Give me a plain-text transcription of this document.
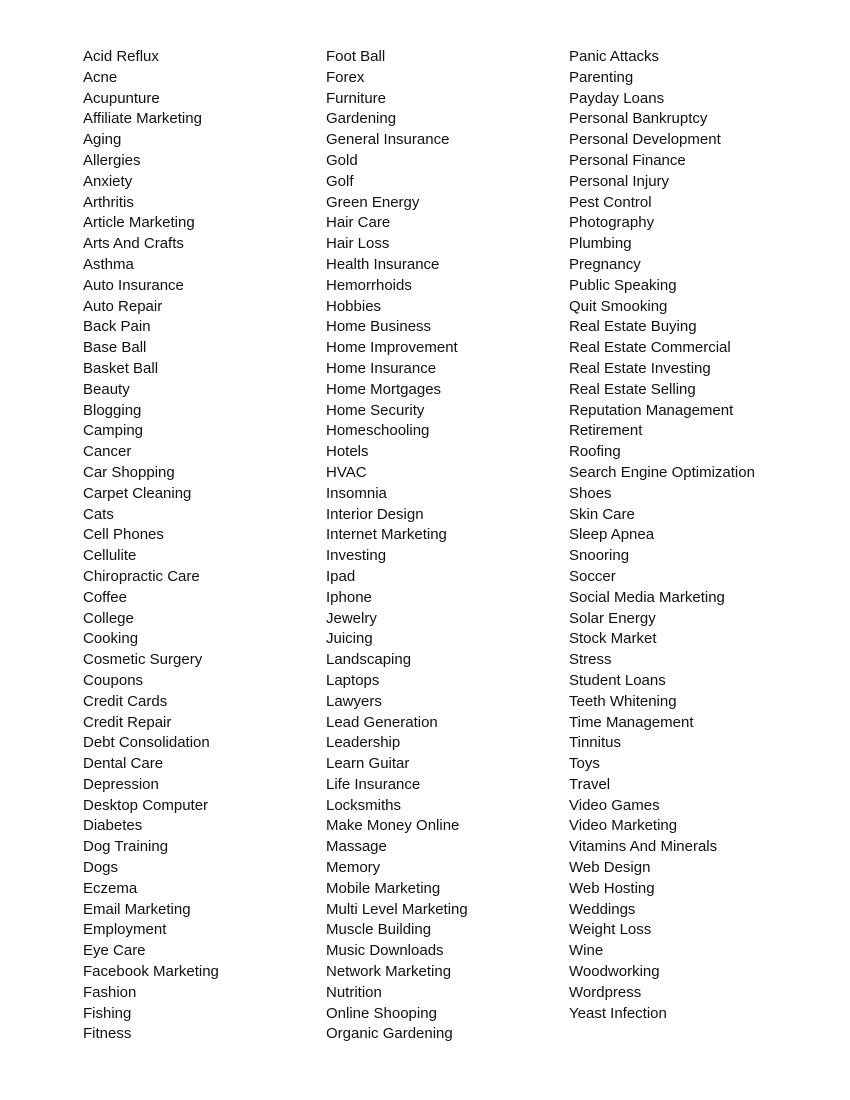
Acid Reflux
Acne
Acupunture
Affiliate Marketing
Aging
Allergies
Anxiety
Arthritis
Article Marketing
Arts And Crafts
Asthma
Auto Insurance
Auto Repair
Back Pain
Base Ball
Basket Ball
Beauty
Blogging
Camping
Cancer
Car Shopping
Carpet Cleaning
Cats
Cell Phones
Cellulite
Chiropractic Care
Coffee
College
Cooking
Cosmetic Surgery
Coupons
Credit Cards
Credit Repair
Debt Consolidation
Dental Care
Depression
Desktop Computer
Diabetes
Dog Training
Dogs
Eczema
Email Marketing
Employment
Eye Care
Facebook Marketing
Fashion
Fishing
Fitness
Foot Ball
Forex
Furniture
Gardening
General Insurance
Gold
Golf
Green Energy
Hair Care
Hair Loss
Health Insurance
Hemorrhoids
Hobbies
Home Business
Home Improvement
Home Insurance
Home Mortgages
Home Security
Homeschooling
Hotels
HVAC
Insomnia
Interior Design
Internet Marketing
Investing
Ipad
Iphone
Jewelry
Juicing
Landscaping
Laptops
Lawyers
Lead Generation
Leadership
Learn Guitar
Life Insurance
Locksmiths
Make Money Online
Massage
Memory
Mobile Marketing
Multi Level Marketing
Muscle Building
Music Downloads
Network Marketing
Nutrition
Online Shooping
Organic Gardening
Panic Attacks
Parenting
Payday Loans
Personal Bankruptcy
Personal Development
Personal Finance
Personal Injury
Pest Control
Photography
Plumbing
Pregnancy
Public Speaking
Quit Smooking
Real Estate Buying
Real Estate Commercial
Real Estate Investing
Real Estate Selling
Reputation Management
Retirement
Roofing
Search Engine Optimization
Shoes
Skin Care
Sleep Apnea
Snooring
Soccer
Social Media Marketing
Solar Energy
Stock Market
Stress
Student Loans
Teeth Whitening
Time Management
Tinnitus
Toys
Travel
Video Games
Video Marketing
Vitamins And Minerals
Web Design
Web Hosting
Weddings
Weight Loss
Wine
Woodworking
Wordpress
Yeast Infection
